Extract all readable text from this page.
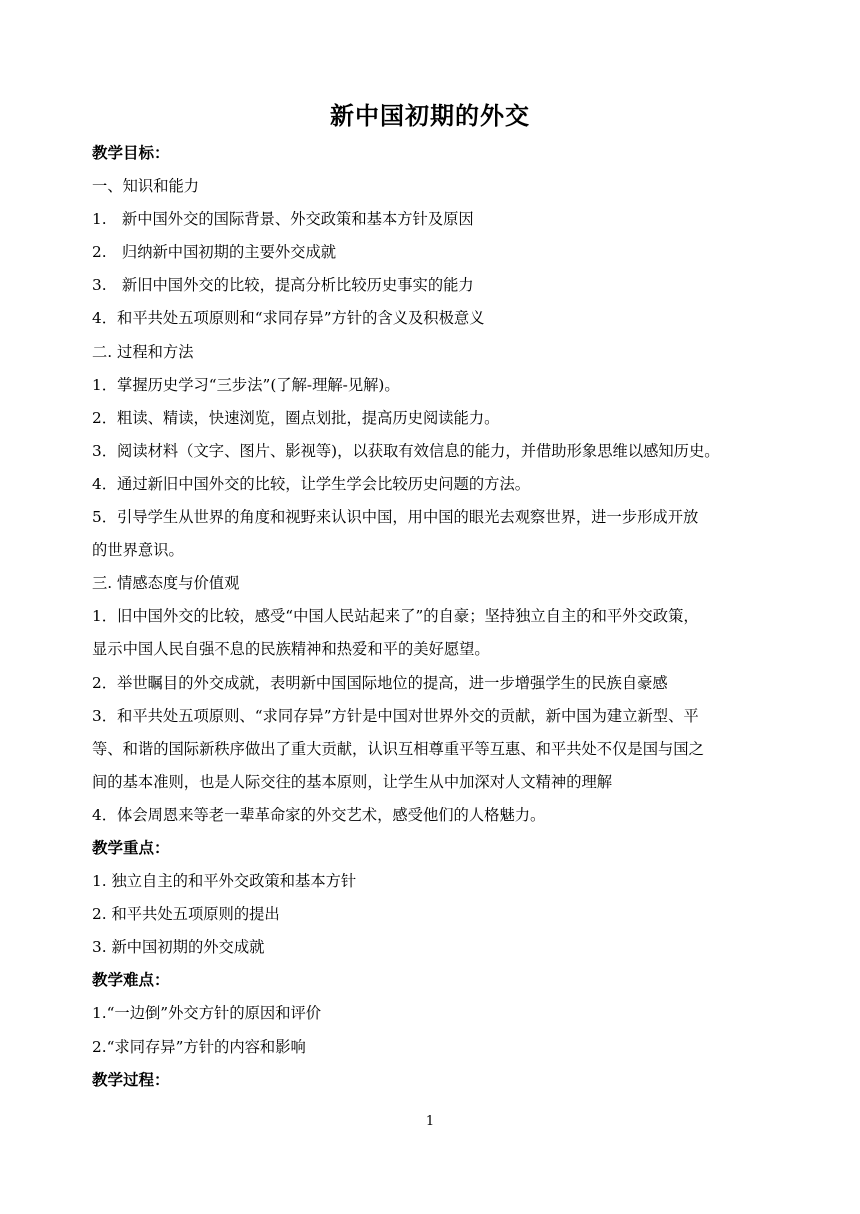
新中国初期的外交
教学目标：
一、知识和能力
1.　新中国外交的国际背景、外交政策和基本方针及原因
2.　归纳新中国初期的主要外交成就
3.　新旧中国外交的比较，提高分析比较历史事实的能力
4．和平共处五项原则和“求同存异”方针的含义及积极意义
二. 过程和方法
1．掌握历史学习“三步法”(了解-理解-见解)。
2．粗读、精读，快速浏览，圈点划批，提高历史阅读能力。
3．阅读材料（文字、图片、影视等)，以获取有效信息的能力，并借助形象思维以感知历史。
4．通过新旧中国外交的比较，让学生学会比较历史问题的方法。
5．引导学生从世界的角度和视野来认识中国，用中国的眼光去观察世界，进一步形成开放
的世界意识。
三. 情感态度与价值观
1．旧中国外交的比较，感受“中国人民站起来了”的自豪；坚持独立自主的和平外交政策，
显示中国人民自强不息的民族精神和热爱和平的美好愿望。
2．举世瞩目的外交成就，表明新中国国际地位的提高，进一步增强学生的民族自豪感
3．和平共处五项原则、“求同存异”方针是中国对世界外交的贡献，新中国为建立新型、平
等、和谐的国际新秩序做出了重大贡献，认识互相尊重平等互惠、和平共处不仅是国与国之
间的基本准则，也是人际交往的基本原则，让学生从中加深对人文精神的理解
4．体会周恩来等老一辈革命家的外交艺术，感受他们的人格魅力。
教学重点：
1. 独立自主的和平外交政策和基本方针
2. 和平共处五项原则的提出
3. 新中国初期的外交成就
教学难点：
1.“一边倒”外交方针的原因和评价
2.“求同存异”方针的内容和影响
教学过程：
1
